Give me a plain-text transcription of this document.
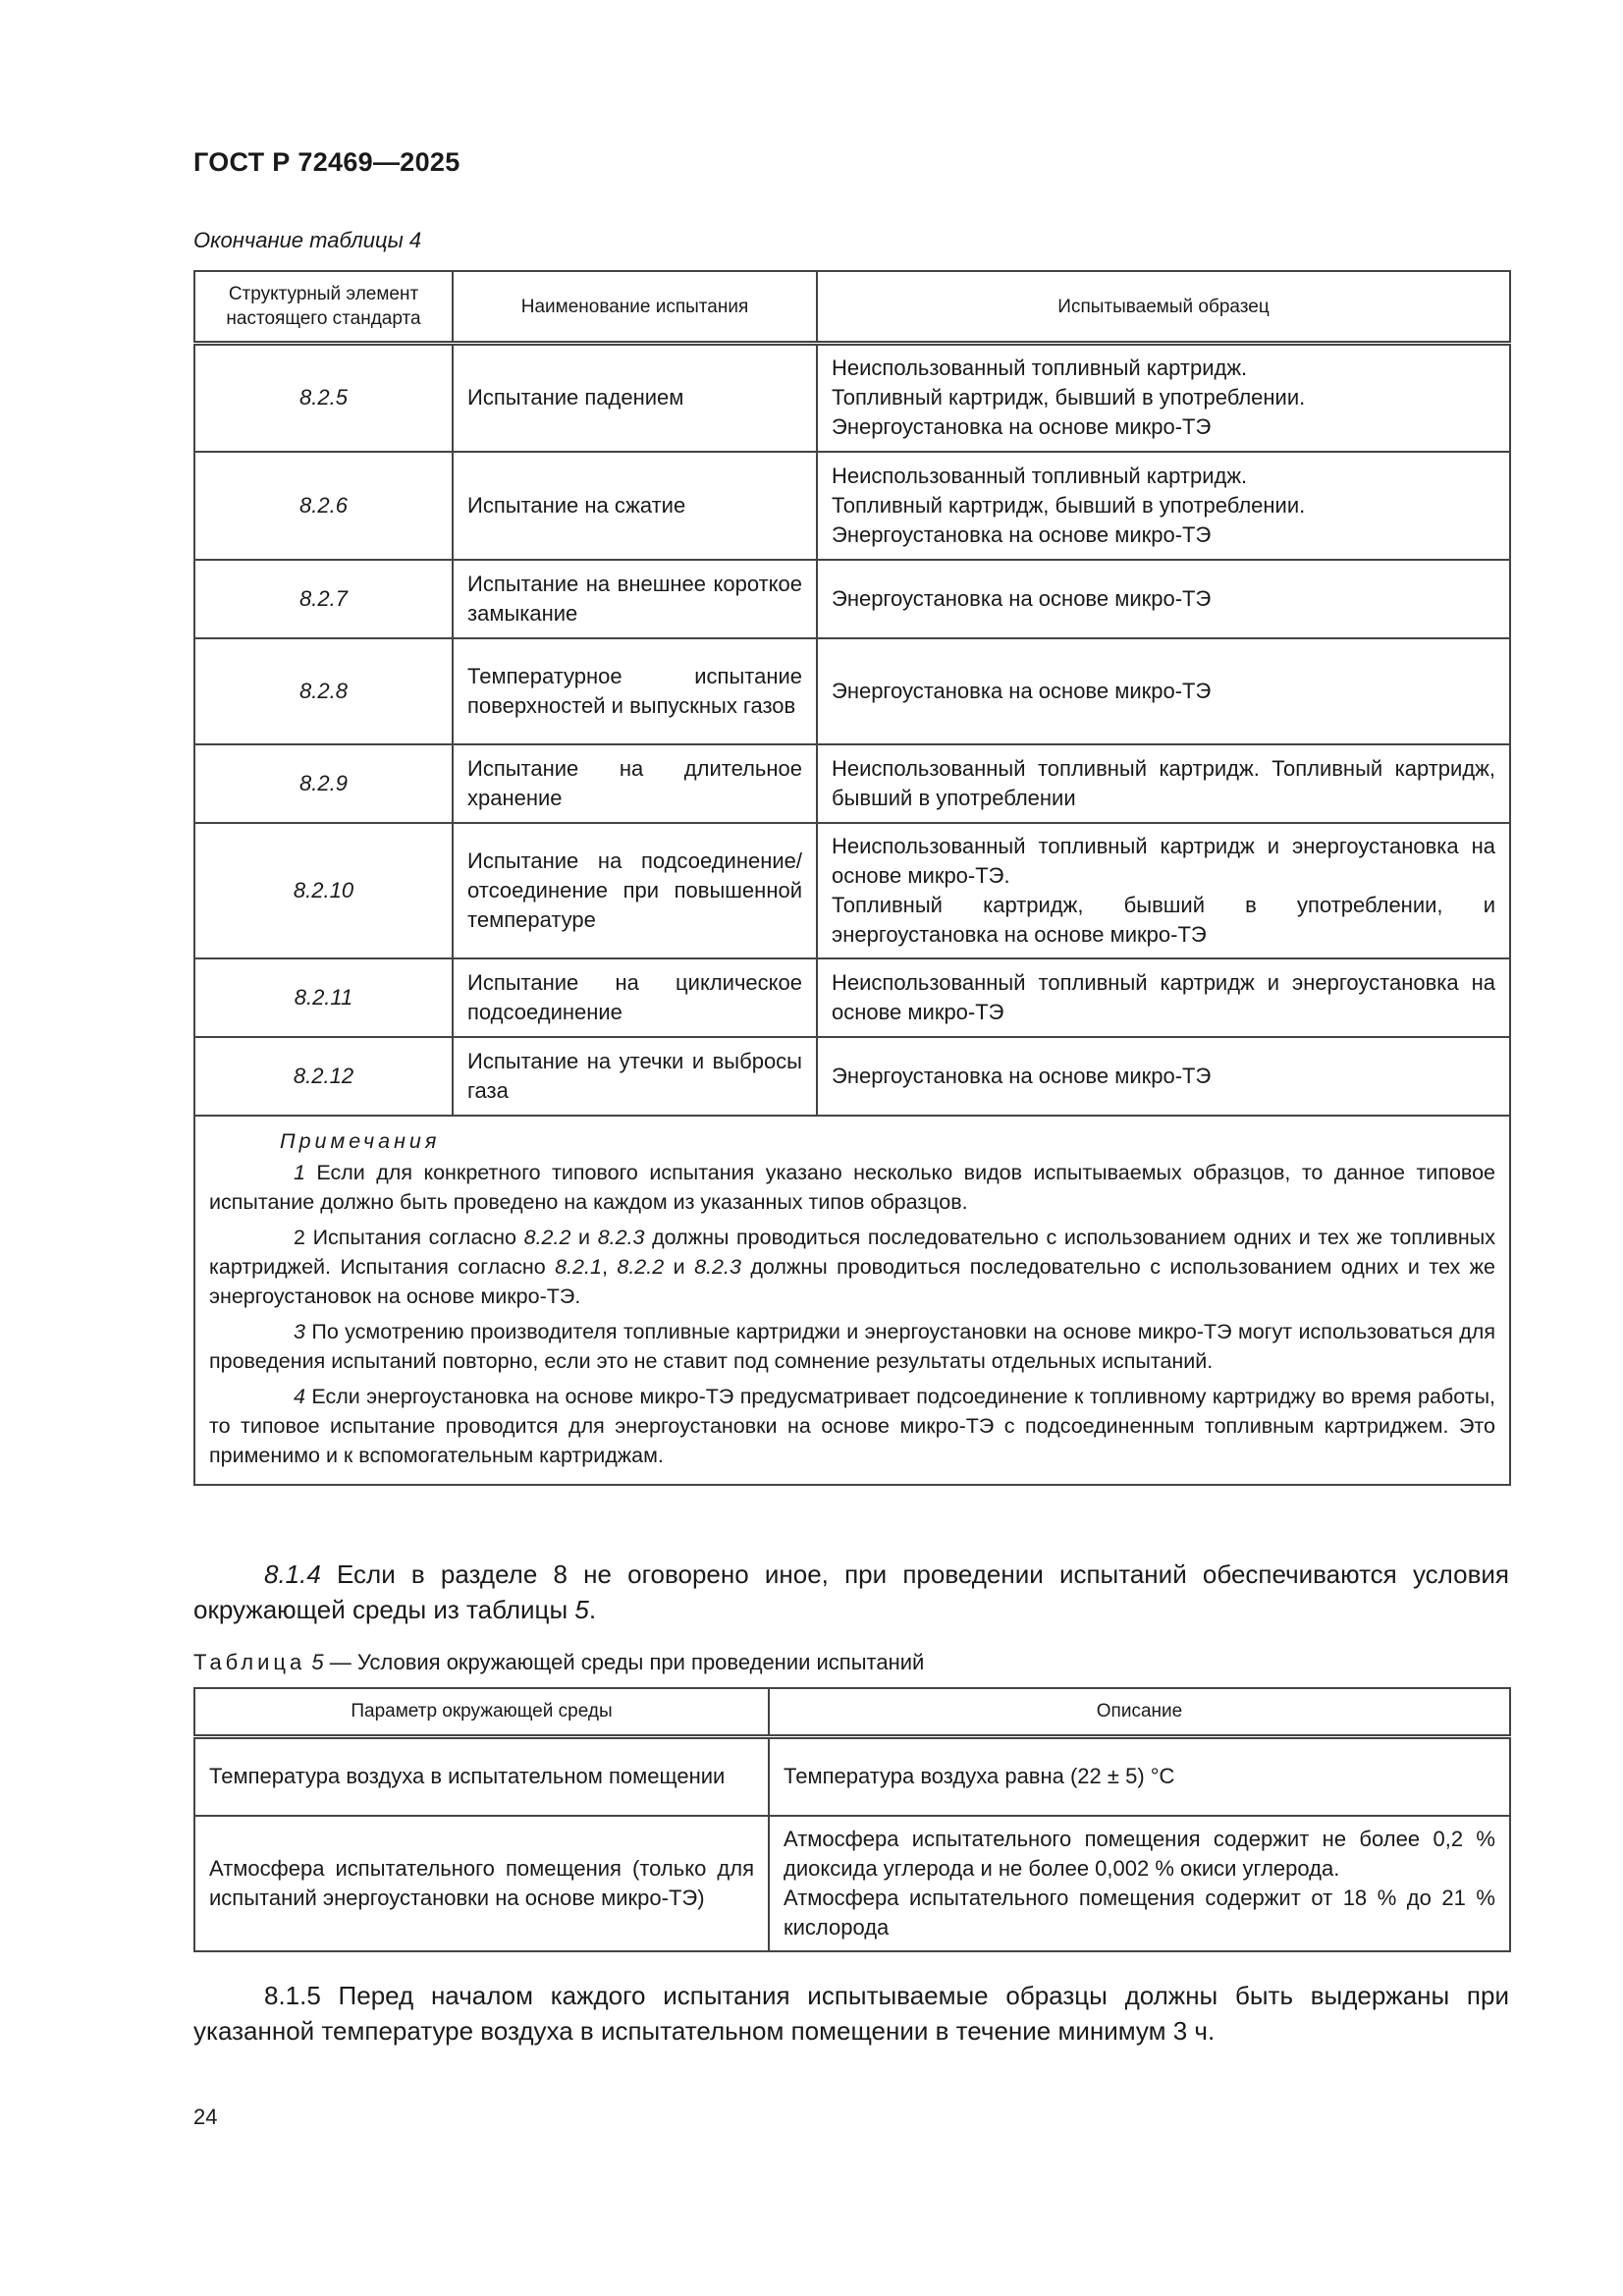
ГОСТ Р 72469—2025
Окончание таблицы 4
Структурный элемент настоящего стандарта	Наименование испытания	Испытываемый образец
8.2.5	Испытание падением	Неиспользованный топливный картридж.
Топливный картридж, бывший в употреблении.
Энергоустановка на основе микро-ТЭ

8.2.6	Испытание на сжатие	Неиспользованный топливный картридж.
Топливный картридж, бывший в употреблении.
Энергоустановка на основе микро-ТЭ

8.2.7	Испытание на внешнее короткое замыкание	Энергоустановка на основе микро-ТЭ

8.2.8	Температурное испытание поверхностей и выпускных газов	Энергоустановка на основе микро-ТЭ

8.2.9	Испытание на длительное хранение	Неиспользованный топливный картридж. Топливный картридж, бывший в употреблении

8.2.10	Испытание на подсоединение/отсоединение при повышенной температуре	Неиспользованный топливный картридж и энергоустановка на основе микро-ТЭ.
Топливный картридж, бывший в употреблении, и энергоустановка на основе микро-ТЭ

8.2.11	Испытание на циклическое подсоединение	Неиспользованный топливный картридж и энергоустановка на основе микро-ТЭ

8.2.12	Испытание на утечки и выбросы газа	Энергоустановка на основе микро-ТЭ

Примечания

1 Если для конкретного типового испытания указано несколько видов испытываемых образцов, то данное типовое испытание должно быть проведено на каждом из указанных типов образцов.

2 Испытания согласно 8.2.2 и 8.2.3 должны проводиться последовательно с использованием одних и тех же топливных картриджей. Испытания согласно 8.2.1, 8.2.2 и 8.2.3 должны проводиться последовательно с использованием одних и тех же энергоустановок на основе микро-ТЭ.

3 По усмотрению производителя топливные картриджи и энергоустановки на основе микро-ТЭ могут использоваться для проведения испытаний повторно, если это не ставит под сомнение результаты отдельных испытаний.

4 Если энергоустановка на основе микро-ТЭ предусматривает подсоединение к топливному картриджу во время работы, то типовое испытание проводится для энергоустановки на основе микро-ТЭ с подсоединенным топливным картриджем. Это применимо и к вспомогательным картриджам.		

8.1.4 Если в разделе 8 не оговорено иное, при проведении испытаний обеспечиваются условия окружающей среды из таблицы 5.

Таблица 5 — Условия окружающей среды при проведении испытаний
Параметр окружающей среды	Описание
Температура воздуха в испытательном помещении	Температура воздуха равна (22 ± 5) °С

Атмосфера испытательного помещения (только для испытаний энергоустановки на основе микро-ТЭ)	Атмосфера испытательного помещения содержит не более 0,2 % диоксида углерода и не более 0,002 % окиси углерода.
Атмосфера испытательного помещения содержит от 18 % до 21 % кислорода

8.1.5 Перед началом каждого испытания испытываемые образцы должны быть выдержаны при указанной температуре воздуха в испытательном помещении в течение минимум 3 ч.

24
